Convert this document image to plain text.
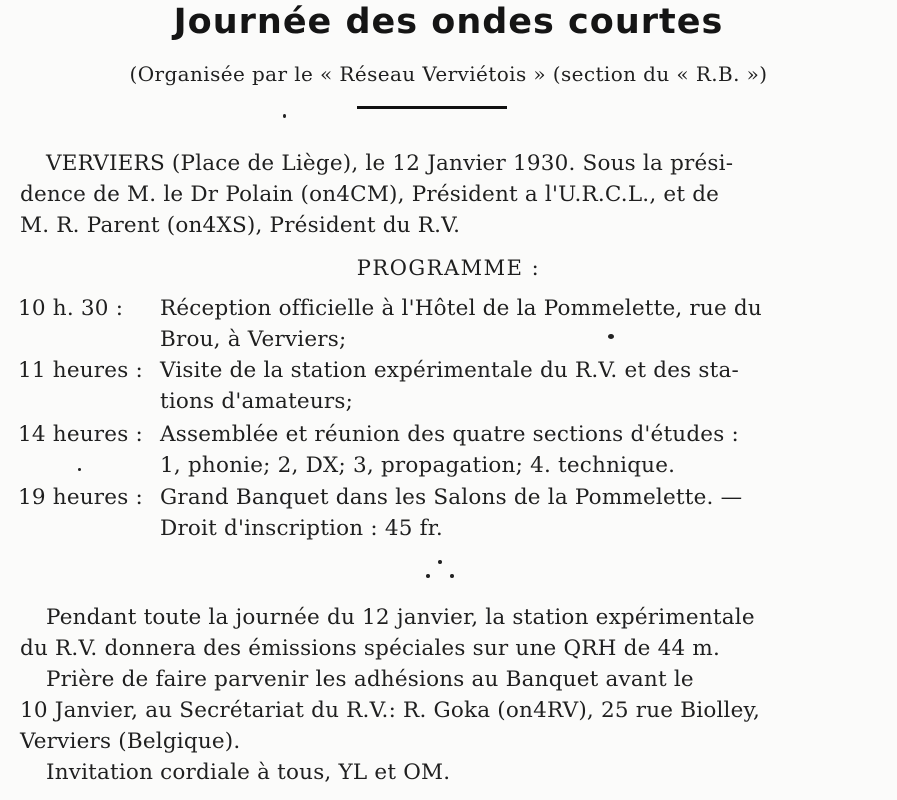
Journée des ondes courtes
(Organisée par le « Réseau Verviétois » (section du « R.B. »)
VERVIERS (Place de Liège), le 12 Janvier 1930. Sous la prési-
dence de M. le Dr Polain (on4CM), Président a l'U.R.C.L., et de
M. R. Parent (on4XS), Président du R.V.
PROGRAMME :
10 h. 30 :	Réception officielle à l'Hôtel de la Pommelette, rue du
Brou, à Verviers;
11 heures : Visite de la station expérimentale du R.V. et des sta-
tions d'amateurs;
14 heures : Assemblée et réunion des quatre sections d'études :
1, phonie; 2, DX; 3, propagation; 4. technique.
19 heures : Grand Banquet dans les Salons de la Pommelette. —
Droit d'inscription : 45 fr.
Pendant toute la journée du 12 janvier, la station expérimentale
du R.V. donnera des émissions spéciales sur une QRH de 44 m.
Prière de faire parvenir les adhésions au Banquet avant le
10 Janvier, au Secrétariat du R.V.: R. Goka (on4RV), 25 rue Biolley,
Verviers (Belgique).
Invitation cordiale à tous, YL et OM.
